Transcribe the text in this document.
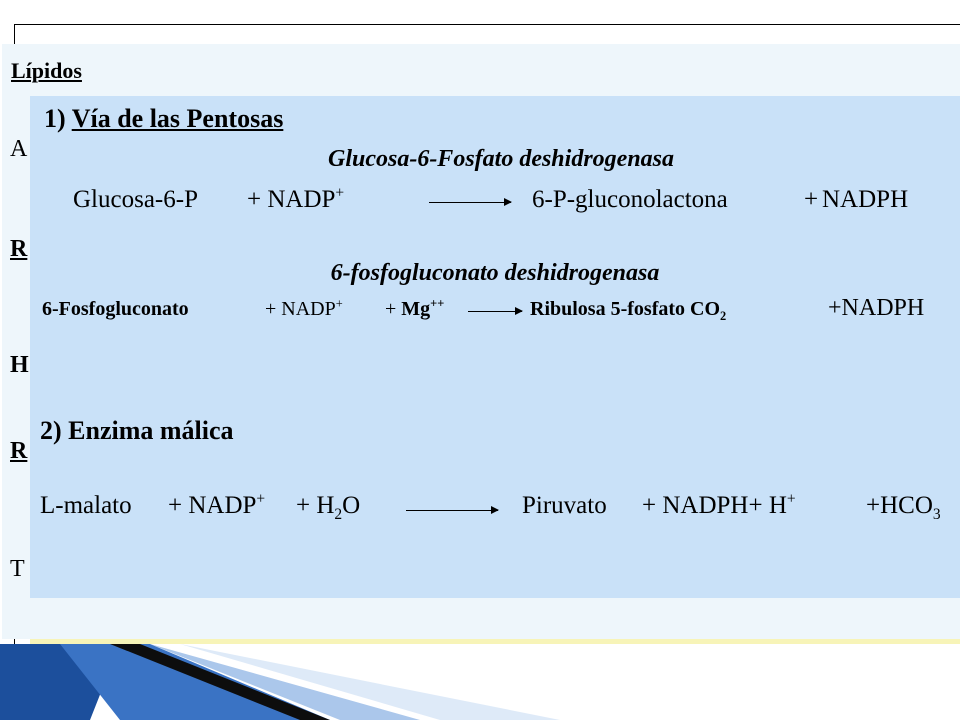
Lípidos
A
R
H
R
T
1) Vía de las Pentosas
Glucosa-6-Fosfato deshidrogenasa
Glucosa-6-P + NADP+	6-P-gluconolactona	+ NADPH
6-fosfogluconato deshidrogenasa
6-Fosfogluconato	+ NADP+ + Mg++	Ribulosa 5-fosfato $CO_2$	+NADPH
2) Enzima málica
L-malato + NADP+ + $H_2O$	Piruvato + NADPH+ H+	$+HCO_3$
